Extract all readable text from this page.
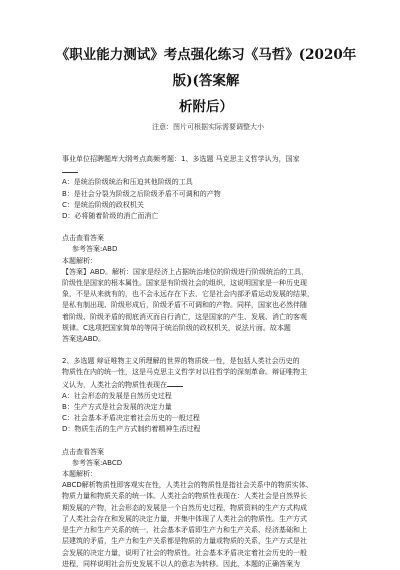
《职业能力测试》考点强化练习《马哲》(2020年版)(答案解
析附后）
注意：图片可根据实际需要调整大小

事业单位招聘题库大纲考点高频考题：1、多选题 马克思主义哲学认为，国家

A：是统治阶级统治和压迫其他阶级的工具

B：是社会分裂为阶级之后阶级矛盾不可调和的产物

C：是统治阶级的政权机关

D：必将随着阶级的消亡而消亡

点击查看答案

参考答案:ABD

本题解析：

【答案】ABD。解析：国家是经济上占据统治地位的阶级进行阶级统治的工具，

阶级性是国家的根本属性。国家是有阶级社会的组织，这说明国家是一种历史现

象，不是从来就有的，也不会永远存在下去，它是社会内部矛盾运动发展的结果，

是私有制出现、阶级形成后，阶级矛盾不可调和的产物。同样，国家也必然伴随

着阶级、阶级矛盾的彻底消灭而自行消亡，这是国家的产生、发展、消亡的客观

规律。C选项把国家简单的等同于统治阶级的政权机关，说法片面。故本题

答案选ABD。

2、多选题 辩证唯物主义所理解的世界的物质统一性，是包括人类社会历史的

物质性在内的统一性，这是马克思主义哲学对以往哲学的深刻革命。辩证唯物主

义认为，人类社会的物质性表现在

A：社会形态的发展是自然历史过程

B：生产方式是社会发展的决定力量

C：社会基本矛盾决定着社会历史的一般过程

D：物质生活的生产方式制约着精神生活过程

点击查看答案

参考答案:ABCD

本题解析：

ABCD解析物质性即客观实在性，人类社会的物质性是指社会关系中的物质实体、

物质力量和物质关系的统一体。人类社会的物质性表现在：人类社会是自然界长

期发展的产物，社会形态的发展是一个自然历史过程，物质资料的生产方式构成

了人类社会存在和发展的决定力量，并集中体现了人类社会的物质性。生产方式

是生产力和生产关系的统一，社会基本矛盾即生产力和生产关系、经济基础和上

层建筑的矛盾，生产力和生产关系都是物质的力量或物质的关系，生产方式是社

会发展的决定力量，说明了社会的物质性。社会基本矛盾决定着社会历史的一般

进程，同样说明社会历史发展不以人的意志为转移。因此，本题的正确答案为
